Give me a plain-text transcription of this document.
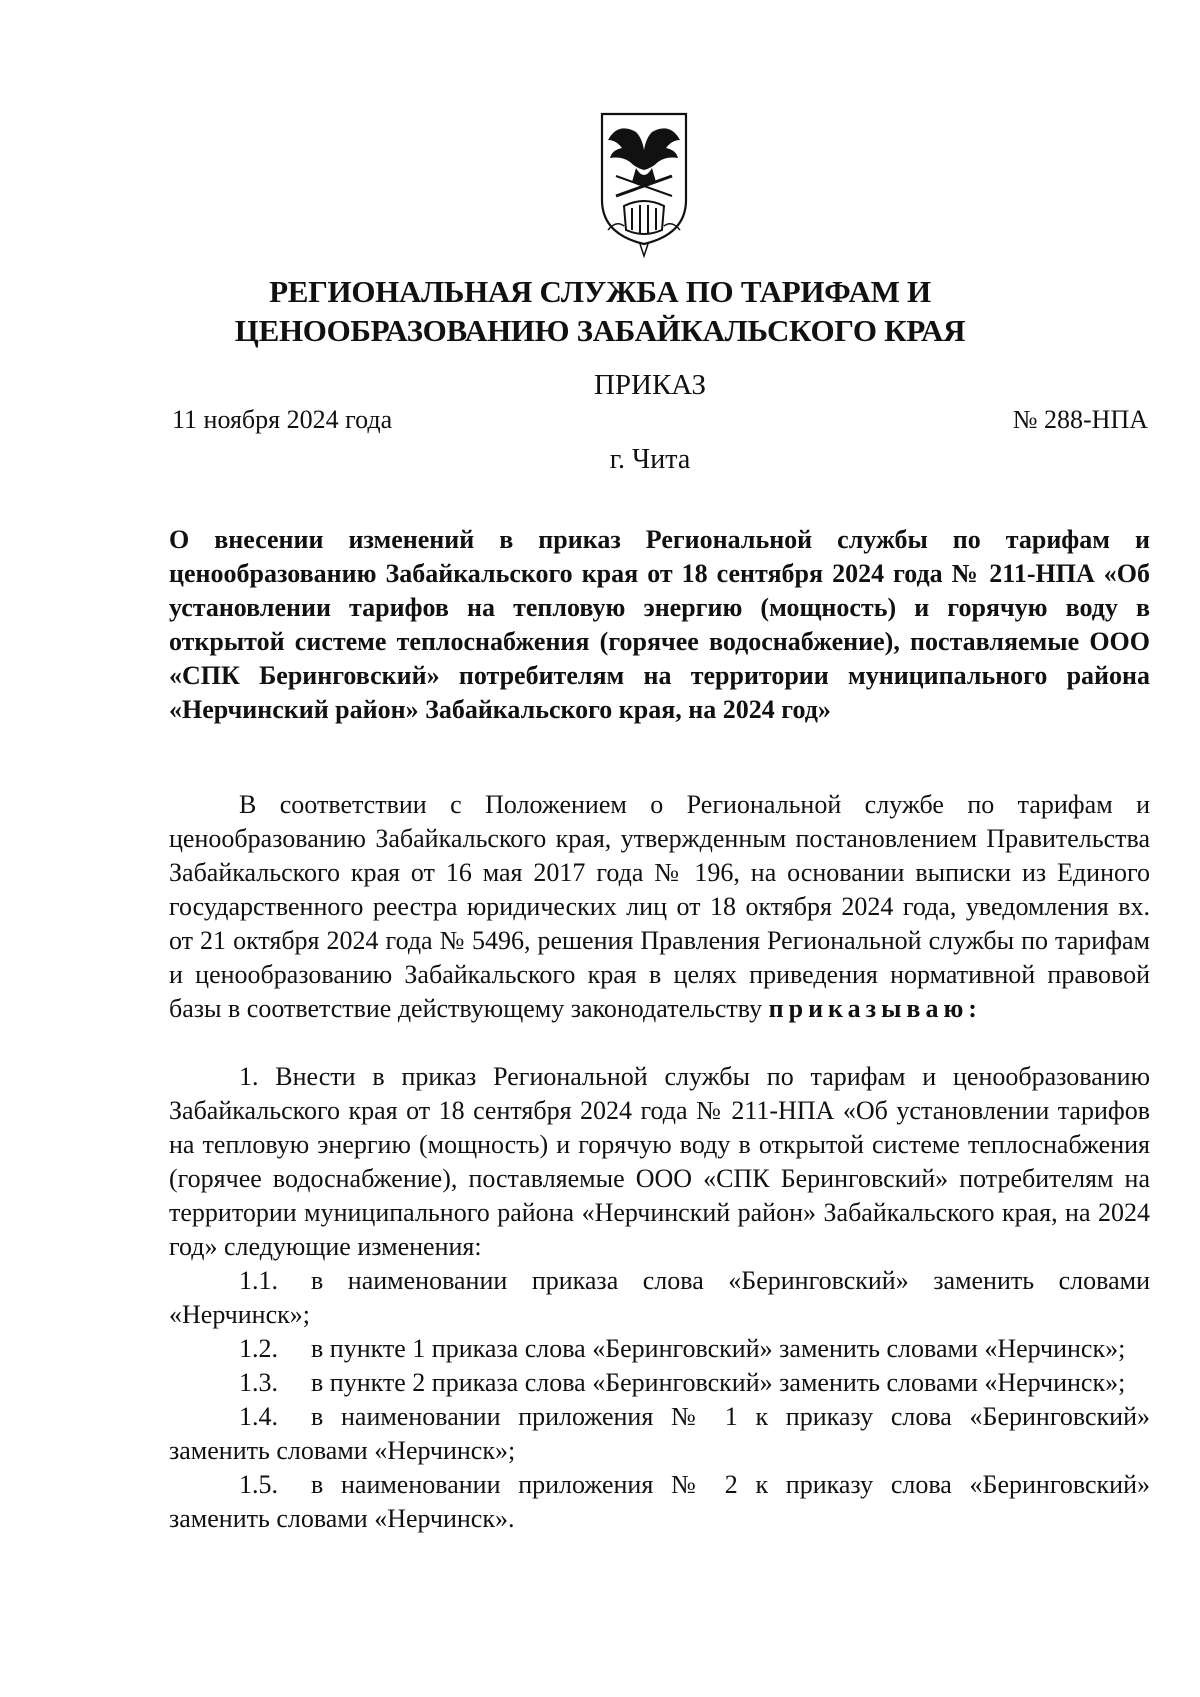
РЕГИОНАЛЬНАЯ СЛУЖБА ПО ТАРИФАМ И
ЦЕНООБРАЗОВАНИЮ ЗАБАЙКАЛЬСКОГО КРАЯ
ПРИКАЗ
11 ноября 2024 года	№ 288-НПА
г. Чита
О внесении изменений в приказ Региональной службы по тарифам и ценообразованию Забайкальского края от 18 сентября 2024 года № 211-НПА «Об установлении тарифов на тепловую энергию (мощность) и горячую воду в открытой системе теплоснабжения (горячее водоснабжение), поставляемые ООО «СПК Беринговский» потребителям на территории муниципального района «Нерчинский район» Забайкальского края, на 2024 год»

В соответствии с Положением о Региональной службе по тарифам и ценообразованию Забайкальского края, утвержденным постановлением Правительства Забайкальского края от 16 мая 2017 года № 196, на основании выписки из Единого государственного реестра юридических лиц от 18 октября 2024 года, уведомления вх. от 21 октября 2024 года № 5496, решения Правления Региональной службы по тарифам и ценообразованию Забайкальского края в целях приведения нормативной правовой базы в соответствие действующему законодательству приказываю:

1. Внести в приказ Региональной службы по тарифам и ценообразованию Забайкальского края от 18 сентября 2024 года № 211-НПА «Об установлении тарифов на тепловую энергию (мощность) и горячую воду в открытой системе теплоснабжения (горячее водоснабжение), поставляемые ООО «СПК Беринговский» потребителям на территории муниципального района «Нерчинский район» Забайкальского края, на 2024 год» следующие изменения:

1.1. в наименовании приказа слова «Беринговский» заменить словами «Нерчинск»;

1.2. в пункте 1 приказа слова «Беринговский» заменить словами «Нерчинск»;

1.3. в пункте 2 приказа слова «Беринговский» заменить словами «Нерчинск»;

1.4. в наименовании приложения № 1 к приказу слова «Беринговский» заменить словами «Нерчинск»;

1.5. в наименовании приложения № 2 к приказу слова «Беринговский» заменить словами «Нерчинск».
